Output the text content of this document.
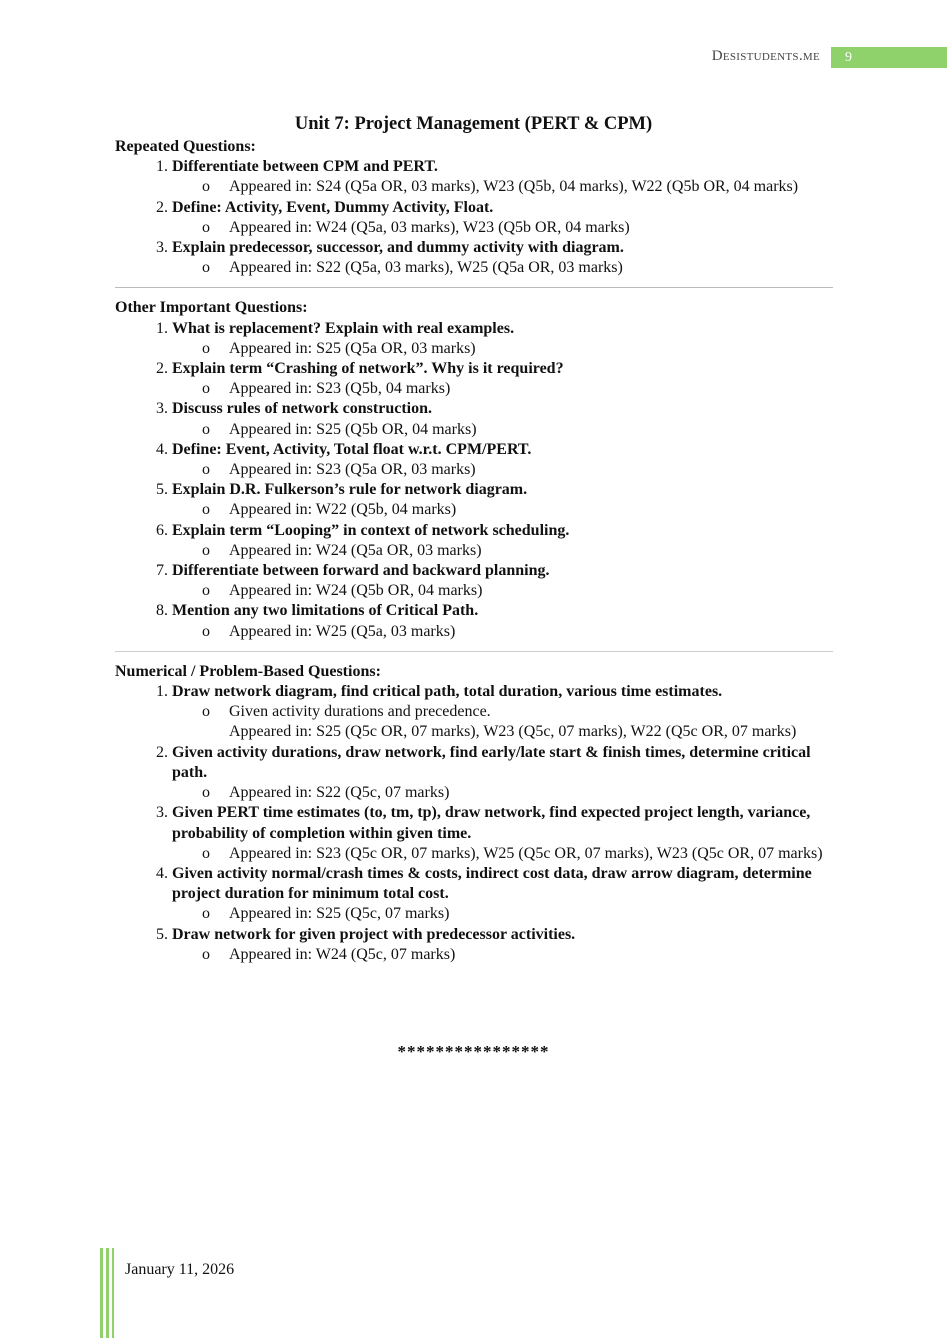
Desistudents.me	9
Unit 7: Project Management (PERT & CPM)
Repeated Questions:
1. Differentiate between CPM and PERT.
o Appeared in: S24 (Q5a OR, 03 marks), W23 (Q5b, 04 marks), W22 (Q5b OR, 04 marks)
2. Define: Activity, Event, Dummy Activity, Float.
o Appeared in: W24 (Q5a, 03 marks), W23 (Q5b OR, 04 marks)
3. Explain predecessor, successor, and dummy activity with diagram.
o Appeared in: S22 (Q5a, 03 marks), W25 (Q5a OR, 03 marks)
Other Important Questions:
1. What is replacement? Explain with real examples.
o Appeared in: S25 (Q5a OR, 03 marks)
2. Explain term “Crashing of network”. Why is it required?
o Appeared in: S23 (Q5b, 04 marks)
3. Discuss rules of network construction.
o Appeared in: S25 (Q5b OR, 04 marks)
4. Define: Event, Activity, Total float w.r.t. CPM/PERT.
o Appeared in: S23 (Q5a OR, 03 marks)
5. Explain D.R. Fulkerson’s rule for network diagram.
o Appeared in: W22 (Q5b, 04 marks)
6. Explain term “Looping” in context of network scheduling.
o Appeared in: W24 (Q5a OR, 03 marks)
7. Differentiate between forward and backward planning.
o Appeared in: W24 (Q5b OR, 04 marks)
8. Mention any two limitations of Critical Path.
o Appeared in: W25 (Q5a, 03 marks)
Numerical / Problem-Based Questions:
1. Draw network diagram, find critical path, total duration, various time estimates.
o Given activity durations and precedence.
Appeared in: S25 (Q5c OR, 07 marks), W23 (Q5c, 07 marks), W22 (Q5c OR, 07 marks)
2. Given activity durations, draw network, find early/late start & finish times, determine critical path.
o Appeared in: S22 (Q5c, 07 marks)
3. Given PERT time estimates (to, tm, tp), draw network, find expected project length, variance, probability of completion within given time.
o Appeared in: S23 (Q5c OR, 07 marks), W25 (Q5c OR, 07 marks), W23 (Q5c OR, 07 marks)
4. Given activity normal/crash times & costs, indirect cost data, draw arrow diagram, determine project duration for minimum total cost.
o Appeared in: S25 (Q5c, 07 marks)
5. Draw network for given project with predecessor activities.
o Appeared in: W24 (Q5c, 07 marks)
****************
January 11, 2026
